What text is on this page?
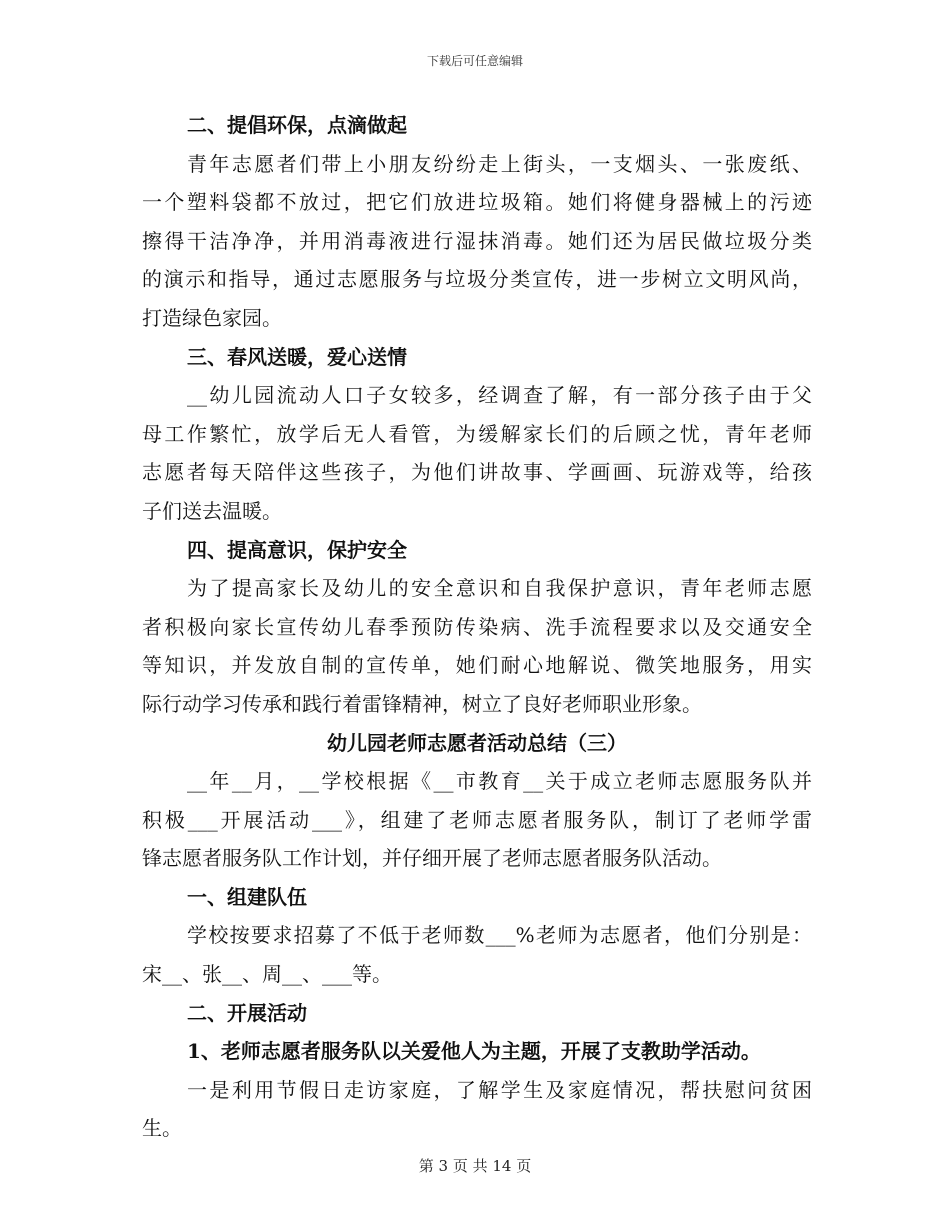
下载后可任意编辑
二、提倡环保，点滴做起
青年志愿者们带上小朋友纷纷走上街头，一支烟头、一张废纸、
一个塑料袋都不放过，把它们放进垃圾箱。她们将健身器械上的污迹
擦得干洁净净，并用消毒液进行湿抹消毒。她们还为居民做垃圾分类
的演示和指导，通过志愿服务与垃圾分类宣传，进一步树立文明风尚，
打造绿色家园。
三、春风送暖，爱心送情
__幼儿园流动人口子女较多，经调查了解，有一部分孩子由于父
母工作繁忙，放学后无人看管，为缓解家长们的后顾之忧，青年老师
志愿者每天陪伴这些孩子，为他们讲故事、学画画、玩游戏等，给孩
子们送去温暖。
四、提高意识，保护安全
为了提高家长及幼儿的安全意识和自我保护意识，青年老师志愿
者积极向家长宣传幼儿春季预防传染病、洗手流程要求以及交通安全
等知识，并发放自制的宣传单，她们耐心地解说、微笑地服务，用实
际行动学习传承和践行着雷锋精神，树立了良好老师职业形象。
幼儿园老师志愿者活动总结（三）
__年__月，__学校根据《__市教育__关于成立老师志愿服务队并
积极___开展活动___》，组建了老师志愿者服务队，制订了老师学雷
锋志愿者服务队工作计划，并仔细开展了老师志愿者服务队活动。
一、组建队伍
学校按要求招募了不低于老师数___%老师为志愿者，他们分别是：
宋__、张__、周__、___等。
二、开展活动
1、老师志愿者服务队以关爱他人为主题，开展了支教助学活动。
一是利用节假日走访家庭，了解学生及家庭情况，帮扶慰问贫困
生。
第 3 页 共 14 页
